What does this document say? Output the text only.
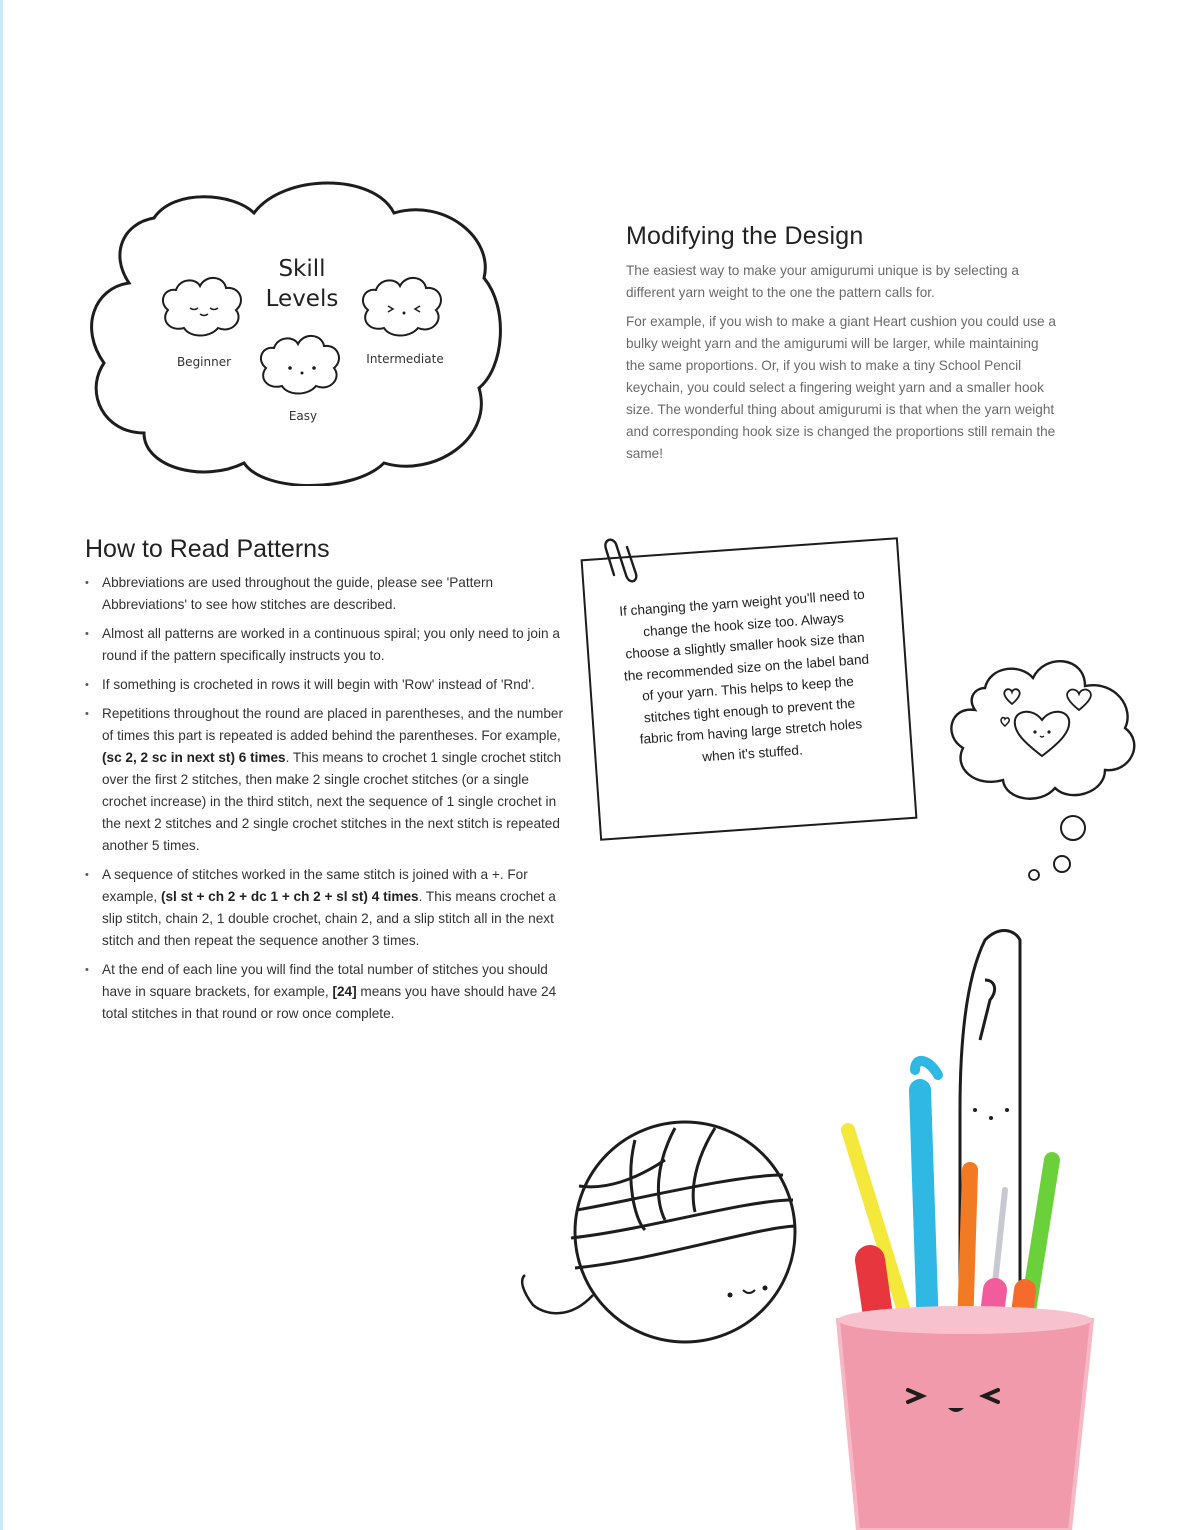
Skill
Levels
Beginner
Easy
Intermediate
Modifying the Design

The easiest way to make your amigurumi unique is by selecting a different yarn weight to the one the pattern calls for.

For example, if you wish to make a giant Heart cushion you could use a bulky weight yarn and the amigurumi will be larger, while maintaining the same proportions. Or, if you wish to make a tiny School Pencil keychain, you could select a fingering weight yarn and a smaller hook size. The wonderful thing about amigurumi is that when the yarn weight and corresponding hook size is changed the proportions still remain the same!

How to Read Patterns
• Abbreviations are used throughout the guide, please see 'Pattern Abbreviations' to see how stitches are described.
• Almost all patterns are worked in a continuous spiral; you only need to join a round if the pattern specifically instructs you to.
• If something is crocheted in rows it will begin with 'Row' instead of 'Rnd'.
• Repetitions throughout the round are placed in parentheses, and the number of times this part is repeated is added behind the parentheses. For example, (sc 2, 2 sc in next st) 6 times. This means to crochet 1 single crochet stitch over the first 2 stitches, then make 2 single crochet stitches (or a single crochet increase) in the third stitch, next the sequence of 1 single crochet in the next 2 stitches and 2 single crochet stitches in the next stitch is repeated another 5 times.
• A sequence of stitches worked in the same stitch is joined with a +. For example, (sl st + ch 2 + dc 1 + ch 2 + sl st) 4 times. This means crochet a slip stitch, chain 2, 1 double crochet, chain 2, and a slip stitch all in the next stitch and then repeat the sequence another 3 times.
• At the end of each line you will find the total number of stitches you should have in square brackets, for example, [24] means you have should have 24 total stitches in that round or row once complete.
If changing the yarn weight you'll need to change the hook size too. Always choose a slightly smaller hook size than the recommended size on the label band of your yarn. This helps to keep the stitches tight enough to prevent the fabric from having large stretch holes when it's stuffed.
